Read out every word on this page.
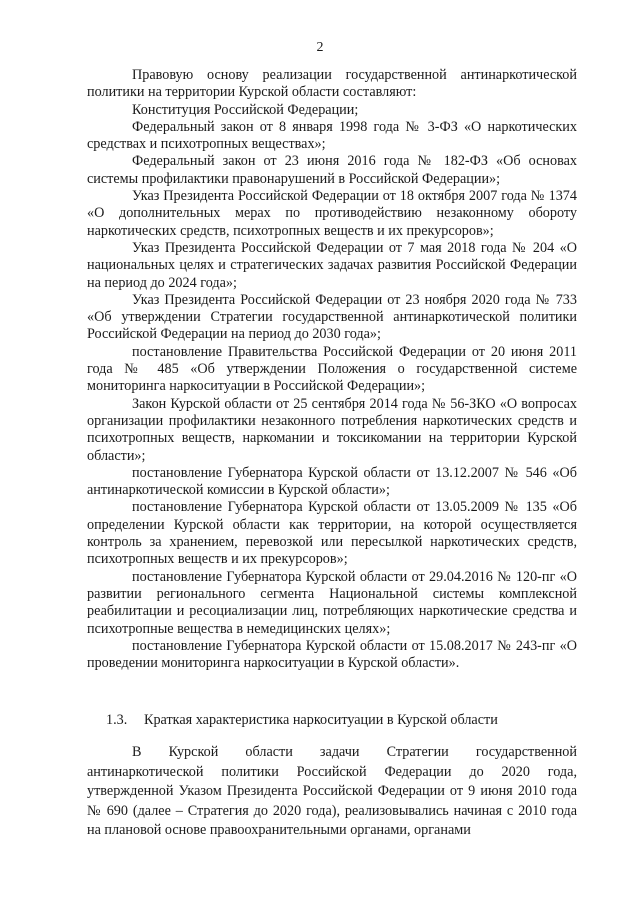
2

Правовую основу реализации государственной антинаркотической политики на территории Курской области составляют:

Конституция Российской Федерации;

Федеральный закон от 8 января 1998 года № 3-ФЗ «О наркотических средствах и психотропных веществах»;

Федеральный закон от 23 июня 2016 года № 182-ФЗ «Об основах системы профилактики правонарушений в Российской Федерации»;

Указ Президента Российской Федерации от 18 октября 2007 года № 1374 «О дополнительных мерах по противодействию незаконному обороту наркотических средств, психотропных веществ и их прекурсоров»;

Указ Президента Российской Федерации от 7 мая 2018 года № 204 «О национальных целях и стратегических задачах развития Российской Федерации на период до 2024 года»;

Указ Президента Российской Федерации от 23 ноября 2020 года № 733 «Об утверждении Стратегии государственной антинаркотической политики Российской Федерации на период до 2030 года»;

постановление Правительства Российской Федерации от 20 июня 2011 года № 485 «Об утверждении Положения о государственной системе мониторинга наркоситуации в Российской Федерации»;

Закон Курской области от 25 сентября 2014 года № 56-ЗКО «О вопросах организации профилактики незаконного потребления наркотических средств и психотропных веществ, наркомании и токсикомании на территории Курской области»;

постановление Губернатора Курской области от 13.12.2007 № 546 «Об антинаркотической комиссии в Курской области»;

постановление Губернатора Курской области от 13.05.2009 № 135 «Об определении Курской области как территории, на которой осуществляется контроль за хранением, перевозкой или пересылкой наркотических средств, психотропных веществ и их прекурсоров»;

постановление Губернатора Курской области от 29.04.2016 № 120-пг «О развитии регионального сегмента Национальной системы комплексной реабилитации и ресоциализации лиц, потребляющих наркотические средства и психотропные вещества в немедицинских целях»;

постановление Губернатора Курской области от 15.08.2017 № 243-пг «О проведении мониторинга наркоситуации в Курской области».

1.3. Краткая характеристика наркоситуации в Курской области

В Курской области задачи Стратегии государственной антинаркотической политики Российской Федерации до 2020 года, утвержденной Указом Президента Российской Федерации от 9 июня 2010 года № 690 (далее – Стратегия до 2020 года), реализовывались начиная с 2010 года на плановой основе правоохранительными органами, органами
